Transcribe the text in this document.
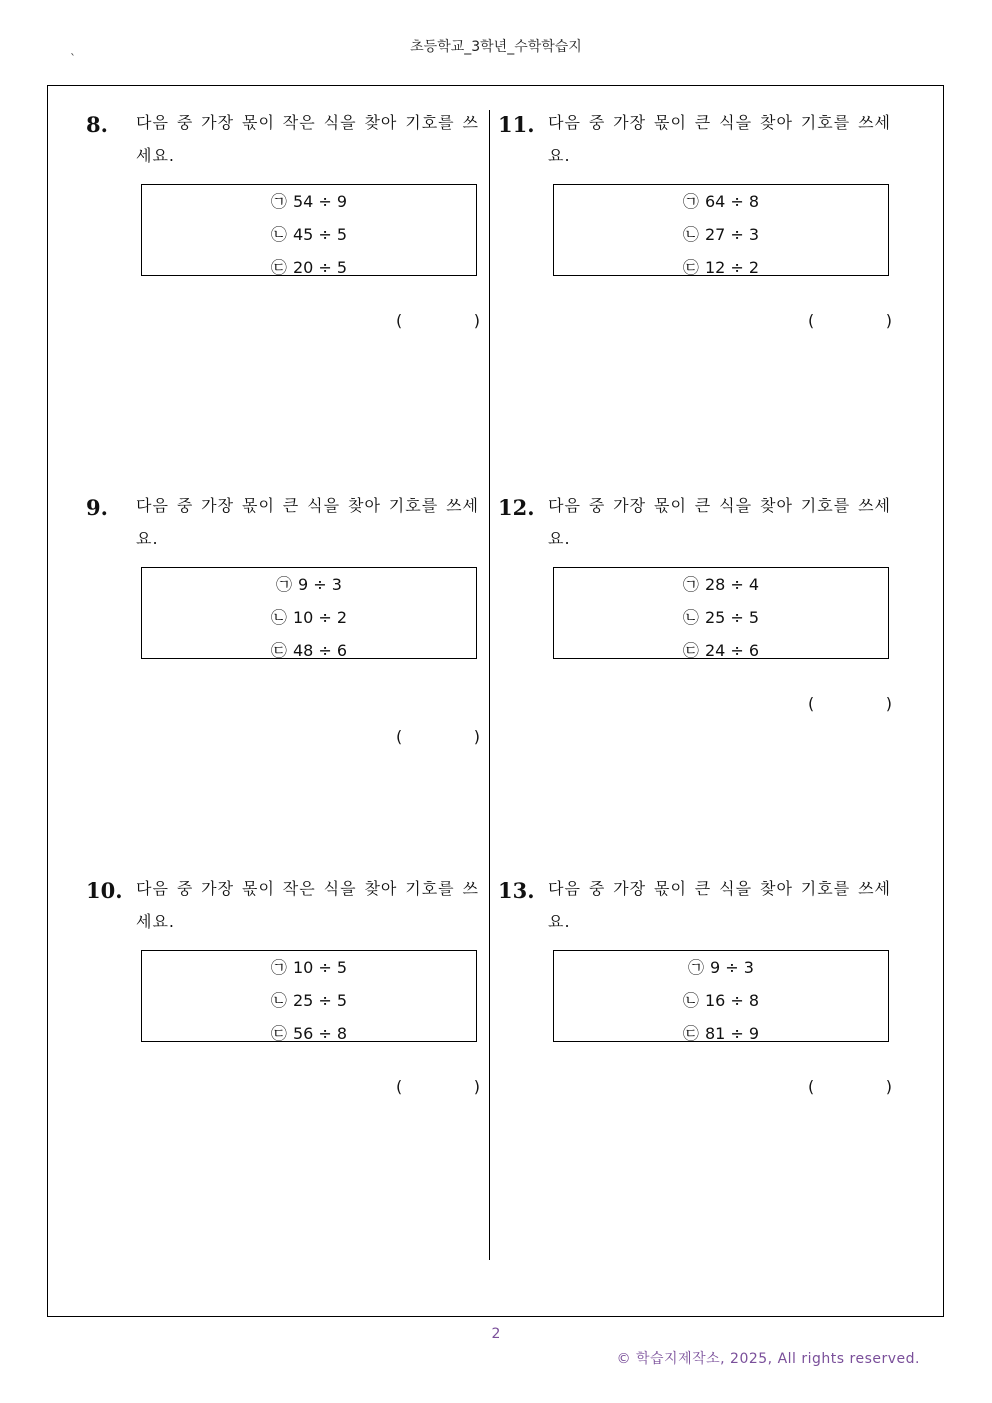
초등학교_3학년_수학학습지
`
8. 다음 중 가장 몫이 작은 식을 찾아 기호를 쓰세요.
㉠ 54 ÷ 9
㉡ 45 ÷ 5
㉢ 20 ÷ 5
(	)
9. 다음 중 가장 몫이 큰 식을 찾아 기호를 쓰세요.
㉠ 9 ÷ 3
㉡ 10 ÷ 2
㉢ 48 ÷ 6
(	)
10. 다음 중 가장 몫이 작은 식을 찾아 기호를 쓰세요.
㉠ 10 ÷ 5
㉡ 25 ÷ 5
㉢ 56 ÷ 8
(	)
11. 다음 중 가장 몫이 큰 식을 찾아 기호를 쓰세요.
㉠ 64 ÷ 8
㉡ 27 ÷ 3
㉢ 12 ÷ 2
(	)
12. 다음 중 가장 몫이 큰 식을 찾아 기호를 쓰세요.
㉠ 28 ÷ 4
㉡ 25 ÷ 5
㉢ 24 ÷ 6
(	)
13. 다음 중 가장 몫이 큰 식을 찾아 기호를 쓰세요.
㉠ 9 ÷ 3
㉡ 16 ÷ 8
㉢ 81 ÷ 9
(	)
2
© 학습지제작소, 2025, All rights reserved.
